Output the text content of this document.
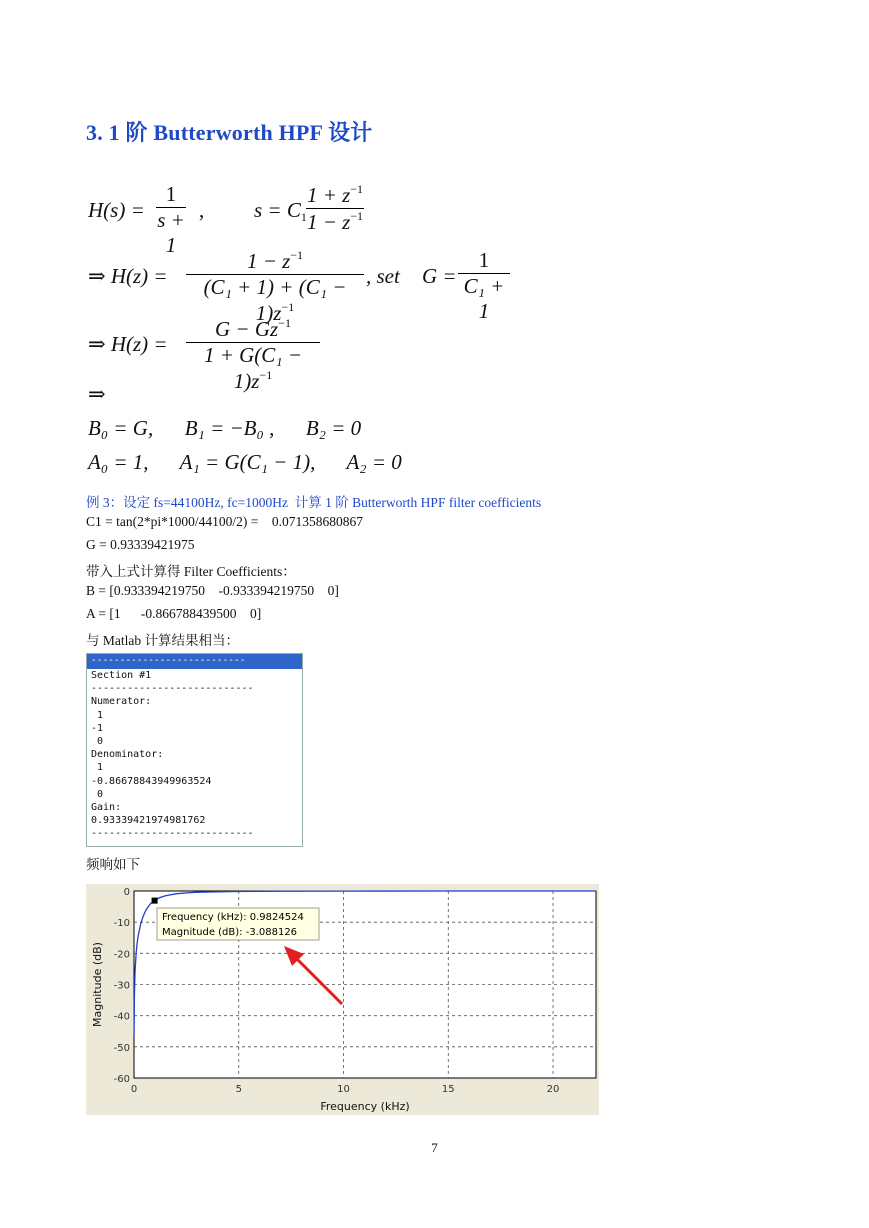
3. 1 阶 Butterworth HPF 设计
H(s) =
1
s + 1
, $s = C_1$
$1 + z^{-1}$
$1 - z^{-1}$
⇒ H(z) =
$1 - z^{-1}$
$(C_1 + 1) + (C_1 - 1)z^{-1}$
, set G =
1
C₁ + 1
⇒ H(z) =
$G - Gz^{-1}$
$1 + G(C_1 - 1)z^{-1}$
⇒
B₀ = G,      B₁ = −B₀ ,      B₂ = 0
A₀ = 1,      A₁ = G(C₁ − 1),      A₂ = 0
例 3：设定 fs=44100Hz, fc=1000Hz  计算 1 阶 Butterworth HPF filter coefficients
C1 = tan(2*pi*1000/44100/2) =    0.071358680867
G = 0.93339421975
带入上式计算得 Filter Coefficients：
B = [0.933394219750    -0.933394219750    0]
A = [1      -0.866788439500    0]
与 Matlab 计算结果相当：
---------------------------
Section #1
---------------------------
Numerator:
1
-1
0
Denominator:
1
-0.86678843949963524
0
Gain:
0.93339421974981762
---------------------------
频响如下
0	5	10	15	20
0
-10
-20
-30
-40
-50
-60
Frequency (kHz)
Magnitude (dB)
Frequency (kHz): 0.9824524
Magnitude (dB): -3.088126
7
